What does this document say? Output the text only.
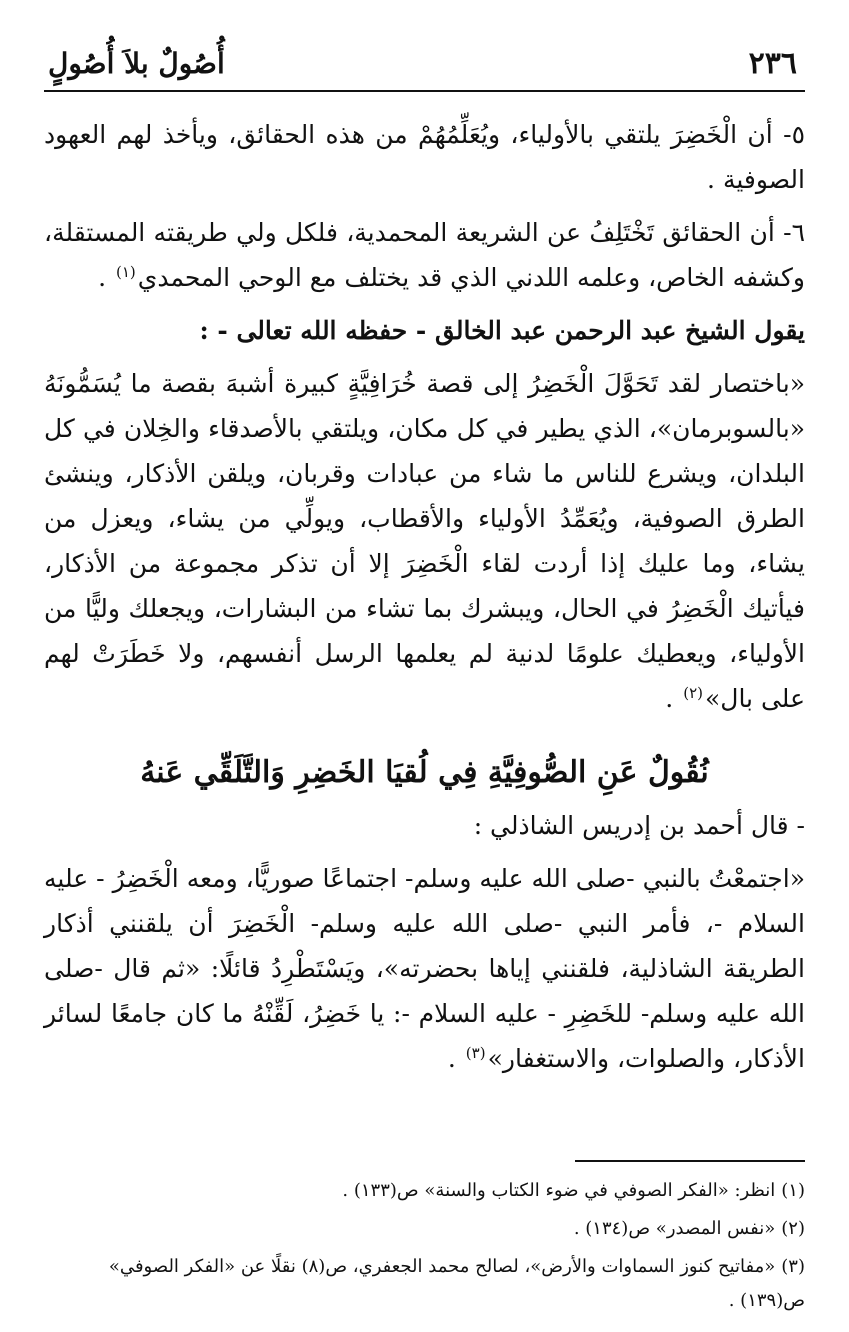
٢٣٦
أُصُولٌ بلاَ أُصُولٍ

٥- أن الْخَضِرَ يلتقي بالأولياء، ويُعَلِّمُهُمْ من هذه الحقائق، ويأخذ لهم العهود الصوفية .

٦- أن الحقائق تَخْتَلِفُ عن الشريعة المحمدية، فلكل ولي طريقته المستقلة، وكشفه الخاص، وعلمه اللدني الذي قد يختلف مع الوحي المحمدي$^{(١)}$ .

يقول الشيخ عبد الرحمن عبد الخالق - حفظه الله تعالى - :

«باختصار لقد تَحَوَّلَ الْخَضِرُ إلى قصة خُرَافِيَّةٍ كبيرة أشبهَ بقصة ما يُسَمُّونَهُ «بالسوبرمان»، الذي يطير في كل مكان، ويلتقي بالأصدقاء والخِلان في كل البلدان، ويشرع للناس ما شاء من عبادات وقربان، ويلقن الأذكار، وينشئ الطرق الصوفية، ويُعَمِّدُ الأولياء والأقطاب، ويولِّي من يشاء، ويعزل من يشاء، وما عليك إذا أردت لقاء الْخَضِرَ إلا أن تذكر مجموعة من الأذكار، فيأتيك الْخَضِرُ في الحال، ويبشرك بما تشاء من البشارات، ويجعلك وليًّا من الأولياء، ويعطيك علومًا لدنية لم يعلمها الرسل أنفسهم، ولا خَطَرَتْ لهم على بال»$^{(٢)}$ .

نُقُولٌ عَنِ الصُّوفِيَّةِ فِي لُقيَا الخَضِرِ وَالتَّلَقِّي عَنهُ

- قال أحمد بن إدريس الشاذلي :

«اجتمعْتُ بالنبي -صلى الله عليه وسلم- اجتماعًا صوريًّا، ومعه الْخَضِرُ - عليه السلام -، فأمر النبي -صلى الله عليه وسلم- الْخَضِرَ أن يلقنني أذكار الطريقة الشاذلية، فلقنني إياها بحضرته»، ويَسْتَطْرِدُ قائلًا: «ثم قال -صلى الله عليه وسلم- للخَضِرِ - عليه السلام -: يا خَضِرُ، لَقِّنْهُ ما كان جامعًا لسائر الأذكار، والصلوات، والاستغفار»$^{(٣)}$ .

(١)انظر: «الفكر الصوفي في ضوء الكتاب والسنة» ص(١٣٣) .
(٢)«نفس المصدر» ص(١٣٤) .
(٣)«مفاتيح كنوز السماوات والأرض»، لصالح محمد الجعفري، ص(٨) نقلًا عن «الفكر الصوفي» ص(١٣٩) .
